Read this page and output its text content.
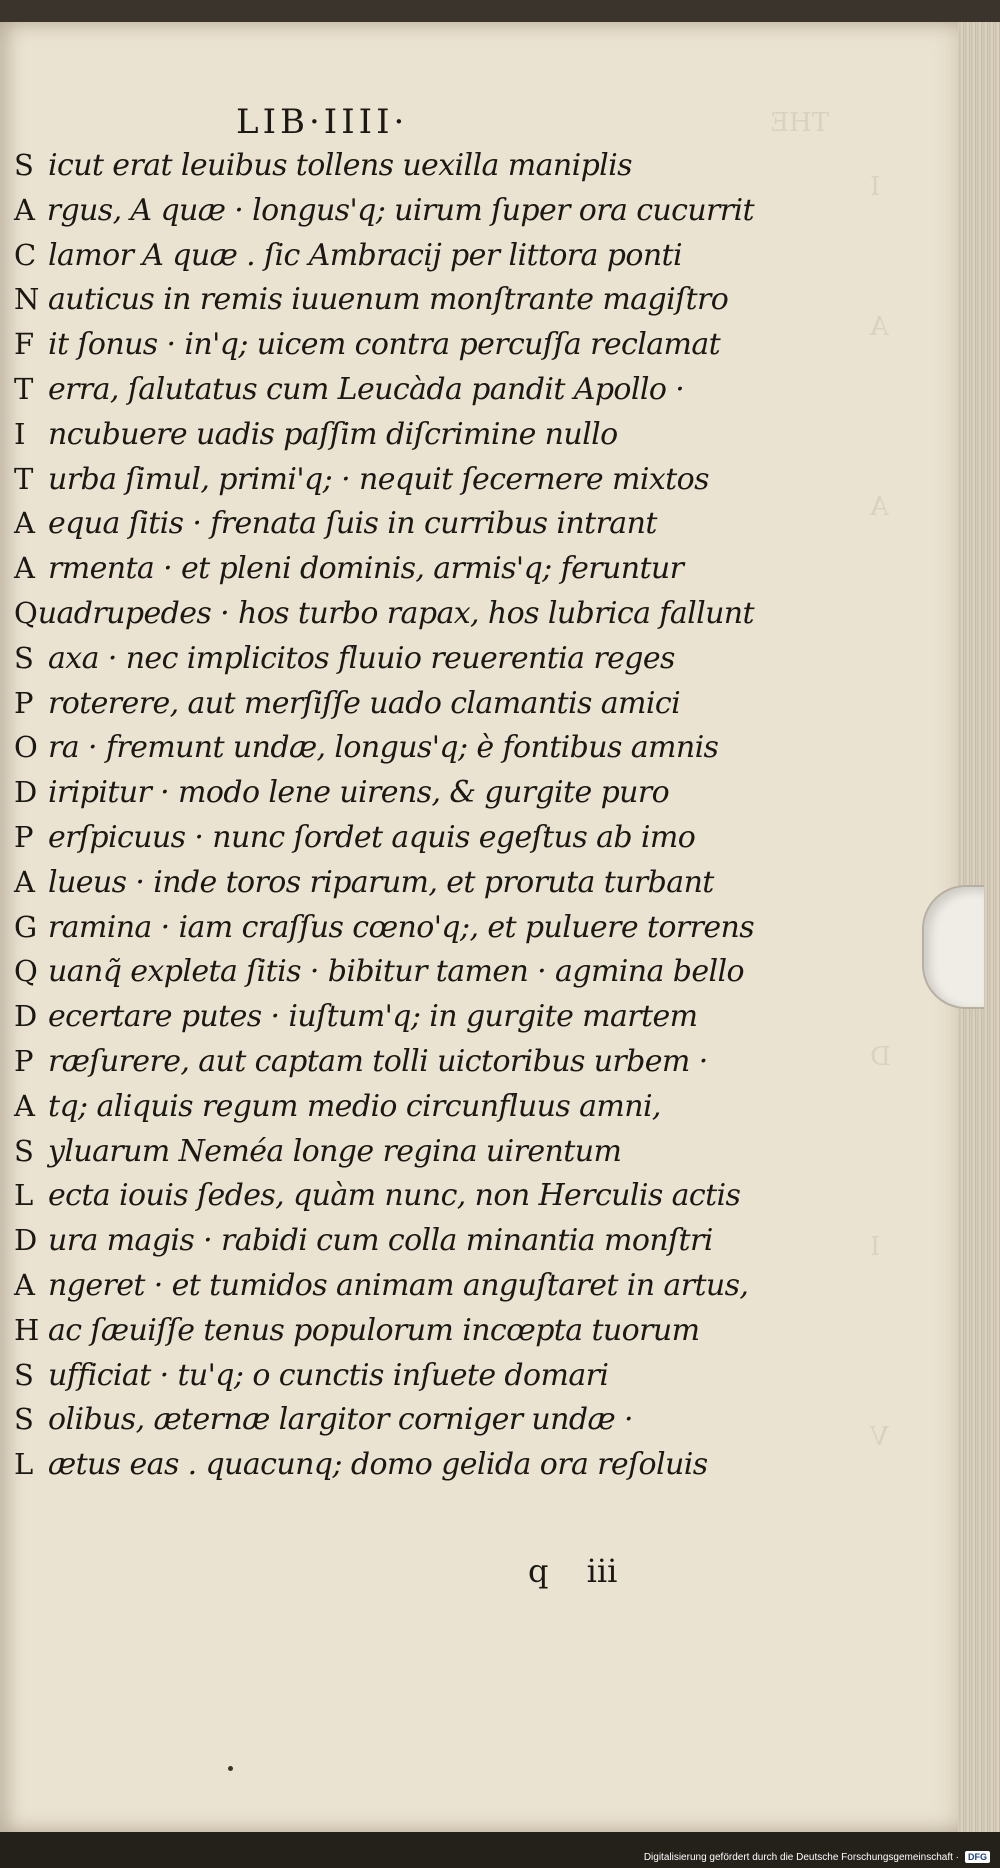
THE
I
A
A
D
I
V
LIB·IIII·
S icut erat leuibus tollens uexilla maniplis
A rgus, A quæ · longus'q; uirum ſuper ora cucurrit
C lamor A quæ . ſic Ambracij per littora ponti
N auticus in remis iuuenum monſtrante magiſtro
F it ſonus · in'q; uicem contra percuſſa reclamat
T erra, ſalutatus cum Leucàda pandit Apollo ·
I ncubuere uadis paſſim diſcrimine nullo
T urba ſimul, primi'q; · nequit ſecernere mixtos
A equa ſitis · frenata ſuis in curribus intrant
A rmenta · et pleni dominis, armis'q; feruntur
Q uadrupedes · hos turbo rapax, hos lubrica fallunt
S axa · nec implicitos fluuio reuerentia reges
P roterere, aut merſiſſe uado clamantis amici
O ra · fremunt undæ, longus'q; è fontibus amnis
D iripitur · modo lene uirens, & gurgite puro
P erſpicuus · nunc ſordet aquis egeſtus ab imo
A lueus · inde toros riparum, et proruta turbant
G ramina · iam craſſus cœno'q;, et puluere torrens
Q uanq̃ expleta ſitis · bibitur tamen · agmina bello
D ecertare putes · iuſtum'q; in gurgite martem
P ræſurere, aut captam tolli uictoribus urbem ·
A tq; aliquis regum medio circunfluus amni,
S yluarum Neméa longe regina uirentum
L ecta iouis ſedes, quàm nunc, non Herculis actis
D ura magis · rabidi cum colla minantia monſtri
A ngeret · et tumidos animam anguſtaret in artus,
H ac ſæuiſſe tenus populorum incœpta tuorum
S ufficiat · tu'q; o cunctis inſuete domari
S olibus, æternæ largitor corniger undæ ·
L ætus eas . quacunq; domo gelida ora reſoluis
q iii
Digitalisierung gefördert durch die Deutsche Forschungsgemeinschaft ·	DFG
